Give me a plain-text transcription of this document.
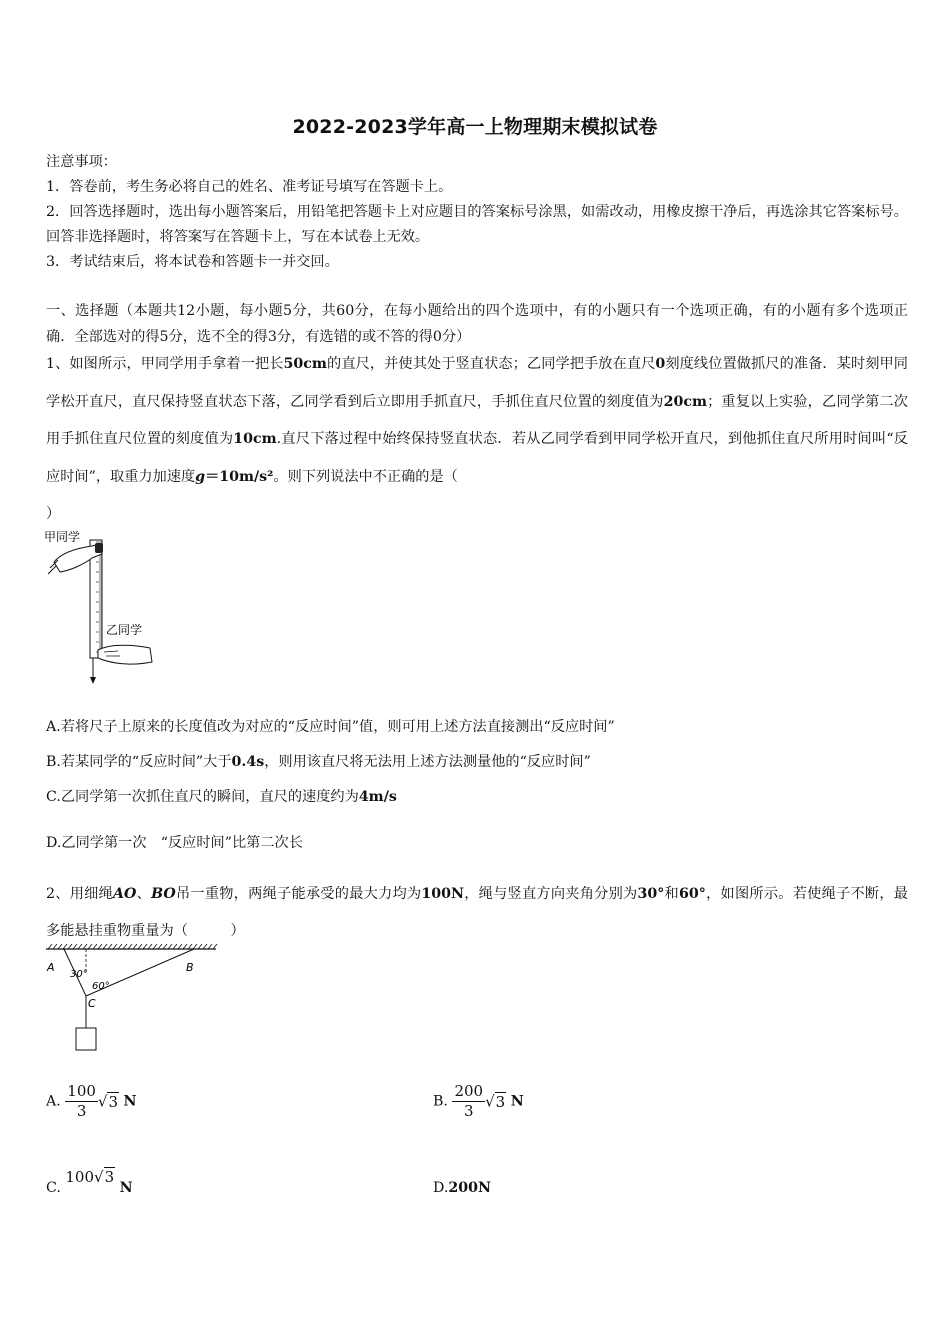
2022-2023学年高一上物理期末模拟试卷
注意事项：
1．答卷前，考生务必将自己的姓名、准考证号填写在答题卡上。
2．回答选择题时，选出每小题答案后，用铅笔把答题卡上对应题目的答案标号涂黑，如需改动，用橡皮擦干净后，再选涂其它答案标号。回答非选择题时，将答案写在答题卡上，写在本试卷上无效。
3．考试结束后，将本试卷和答题卡一并交回。
一、选择题（本题共12小题，每小题5分，共60分，在每小题给出的四个选项中，有的小题只有一个选项正确，有的小题有多个选项正确．全部选对的得5分，选不全的得3分，有选错的或不答的得0分）
1、如图所示，甲同学用手拿着一把长50cm的直尺，并使其处于竖直状态；乙同学把手放在直尺0刻度线位置做抓尺的准备．某时刻甲同学松开直尺，直尺保持竖直状态下落，乙同学看到后立即用手抓直尺，手抓住直尺位置的刻度值为20cm；重复以上实验，乙同学第二次用手抓住直尺位置的刻度值为10cm.直尺下落过程中始终保持竖直状态．若从乙同学看到甲同学松开直尺，到他抓住直尺所用时间叫“反应时间”，取重力加速度g＝10m/s²。则下列说法中不正确的是（
）
甲同学
乙同学
A.若将尺子上原来的长度值改为对应的“反应时间”值，则可用上述方法直接测出“反应时间”
B.若某同学的“反应时间”大于0.4s，则用该直尺将无法用上述方法测量他的“反应时间”
C.乙同学第一次抓住直尺的瞬间，直尺的速度约为4m/s
D.乙同学第一次　“反应时间”比第二次长
2、用细绳AO、BO吊一重物，两绳子能承受的最大力均为100N，绳与竖直方向夹角分别为30°和60°，如图所示。若使绳子不断，最多能悬挂重物重量为（　　　）
A	B
C
30°
60°
A. $\frac{100}{3} √3$ N	B. $\frac{200}{3} √3$ N
C. 100√3 N	D.200N
